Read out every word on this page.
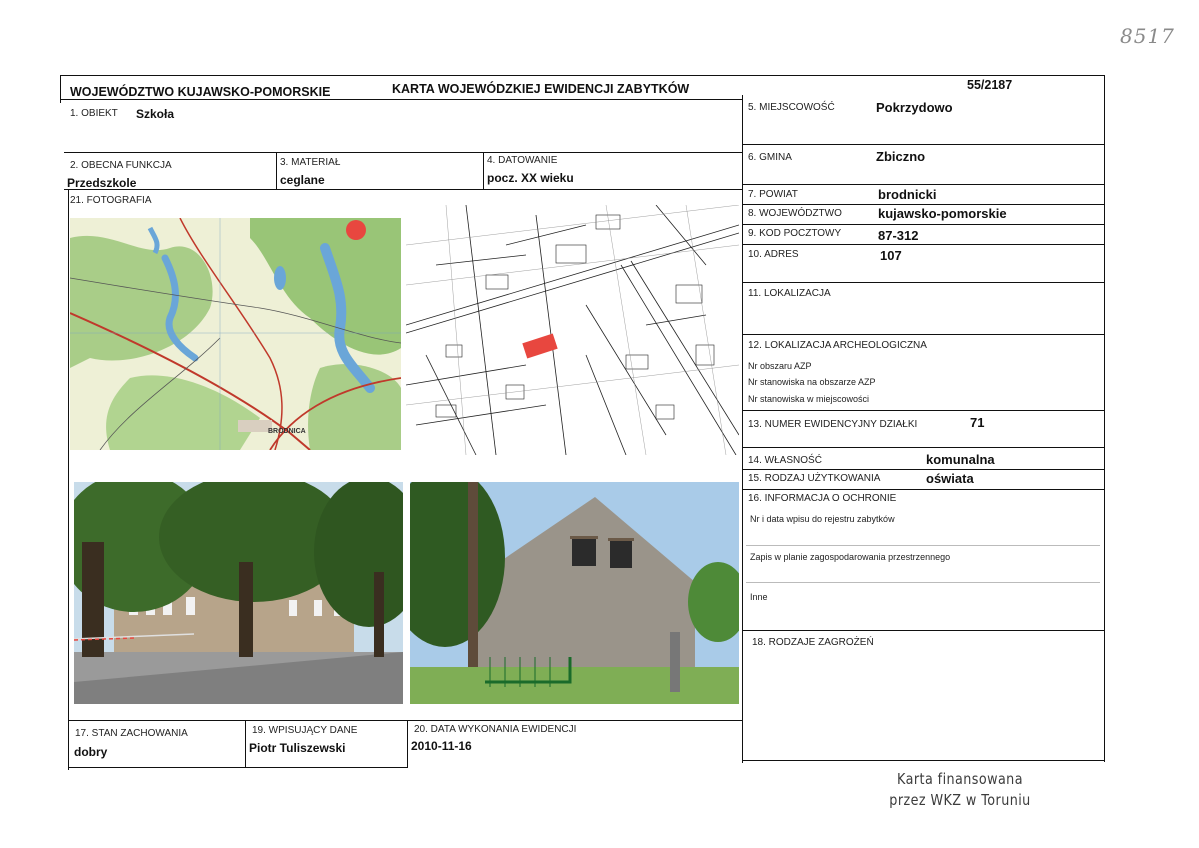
8517
WOJEWÓDZTWO KUJAWSKO-POMORSKIE	KARTA WOJEWÓDZKIEJ EWIDENCJI ZABYTKÓW	55/2187
1. OBIEKT Szkoła
2. OBECNA FUNKCJA
Przedszkole
3. MATERIAŁ
ceglane
4. DATOWANIE
pocz. XX wieku
21. FOTOGRAFIA
BRODNICA
17. STAN ZACHOWANIA
dobry
19. WPISUJĄCY DANE
Piotr Tuliszewski
20. DATA WYKONANIA EWIDENCJI
2010-11-16
5. MIEJSCOWOŚĆ	Pokrzydowo
6. GMINA	Zbiczno
7. POWIAT	brodnicki
8. WOJEWÓDZTWO	kujawsko-pomorskie
9. KOD POCZTOWY	87-312
10. ADRES	107
11. LOKALIZACJA
12. LOKALIZACJA ARCHEOLOGICZNA
Nr obszaru AZP
Nr stanowiska na obszarze AZP
Nr stanowiska w miejscowości
13. NUMER EWIDENCYJNY DZIAŁKI	71
14. WŁASNOŚĆ	komunalna
15. RODZAJ UŻYTKOWANIA	oświata
16. INFORMACJA O OCHRONIE
Nr i data wpisu do rejestru zabytków
Zapis w planie zagospodarowania przestrzennego
Inne
18. RODZAJE ZAGROŻEŃ
Karta finansowana
przez WKZ w Toruniu
